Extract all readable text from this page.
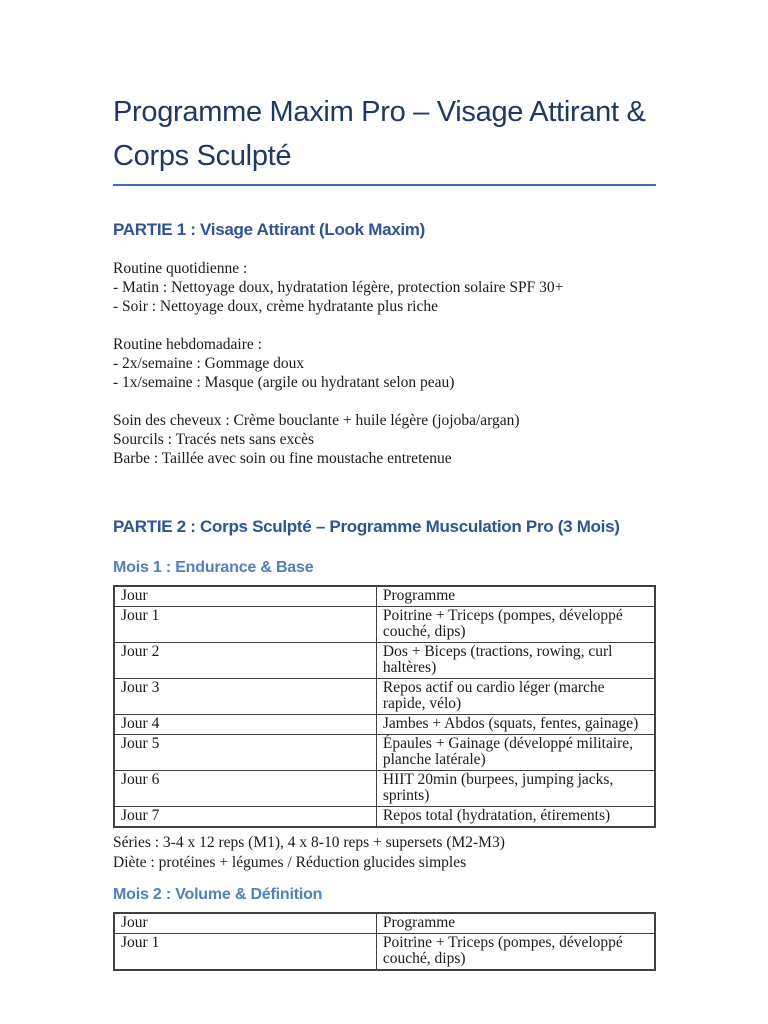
Programme Maxim Pro – Visage Attirant & Corps Sculpté
PARTIE 1 : Visage Attirant (Look Maxim)
Routine quotidienne :
- Matin : Nettoyage doux, hydratation légère, protection solaire SPF 30+
- Soir : Nettoyage doux, crème hydratante plus riche
Routine hebdomadaire :
- 2x/semaine : Gommage doux
- 1x/semaine : Masque (argile ou hydratant selon peau)
Soin des cheveux : Crème bouclante + huile légère (jojoba/argan)
Sourcils : Tracés nets sans excès
Barbe : Taillée avec soin ou fine moustache entretenue
PARTIE 2 : Corps Sculpté – Programme Musculation Pro (3 Mois)
Mois 1 : Endurance & Base
Jour	Programme
Jour 1	Poitrine + Triceps (pompes, développé couché, dips)
Jour 2	Dos + Biceps (tractions, rowing, curl haltères)
Jour 3	Repos actif ou cardio léger (marche rapide, vélo)
Jour 4	Jambes + Abdos (squats, fentes, gainage)
Jour 5	Épaules + Gainage (développé militaire, planche latérale)
Jour 6	HIIT 20min (burpees, jumping jacks, sprints)
Jour 7	Repos total (hydratation, étirements)
Séries : 3-4 x 12 reps (M1), 4 x 8-10 reps + supersets (M2-M3)
Diète : protéines + légumes / Réduction glucides simples
Mois 2 : Volume & Définition
Jour	Programme
Jour 1	Poitrine + Triceps (pompes, développé couché, dips)
